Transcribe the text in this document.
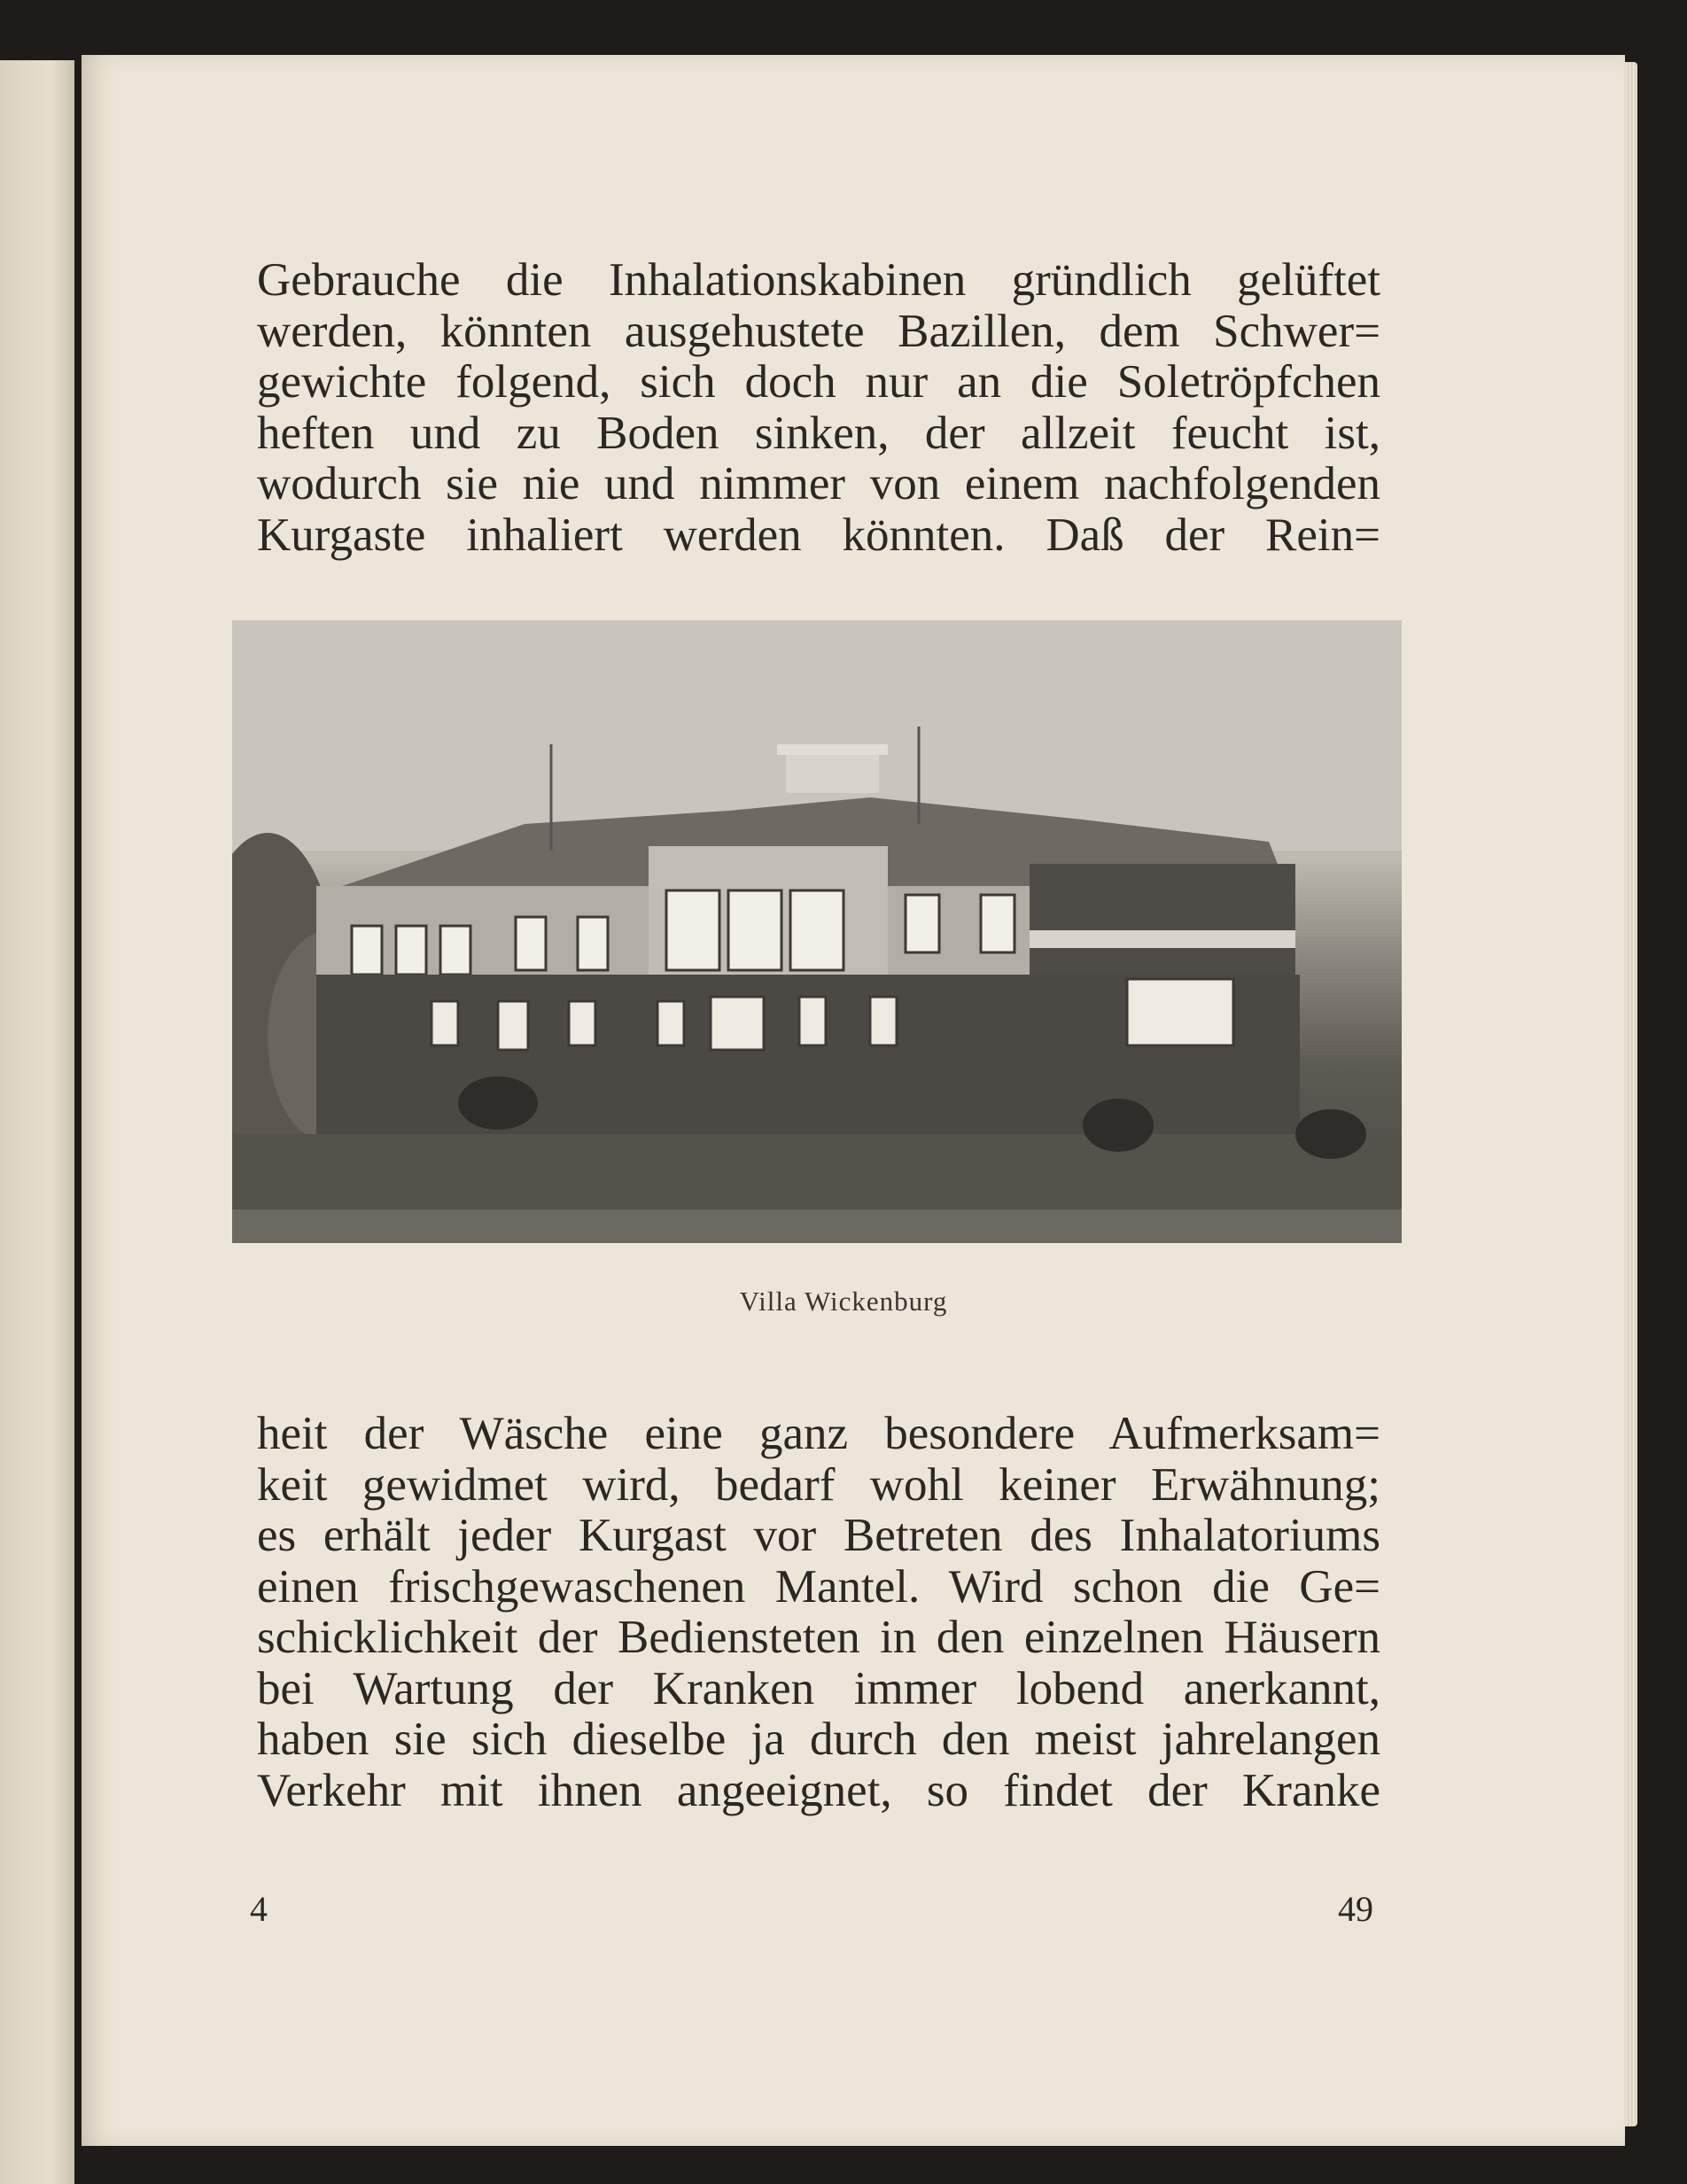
Gebrauche die Inhalationskabinen gründlich gelüftet
werden, könnten ausgehustete Bazillen, dem Schwer=
gewichte folgend, sich doch nur an die Soletröpfchen
heften und zu Boden sinken, der allzeit feucht ist,
wodurch sie nie und nimmer von einem nachfolgenden
Kurgaste inhaliert werden könnten. Daß der Rein=
Villa Wickenburg
heit der Wäsche eine ganz besondere Aufmerksam=
keit gewidmet wird, bedarf wohl keiner Erwähnung;
es erhält jeder Kurgast vor Betreten des Inhalatoriums
einen frischgewaschenen Mantel. Wird schon die Ge=
schicklichkeit der Bediensteten in den einzelnen Häusern
bei Wartung der Kranken immer lobend anerkannt,
haben sie sich dieselbe ja durch den meist jahrelangen
Verkehr mit ihnen angeeignet, so findet der Kranke
4	49
